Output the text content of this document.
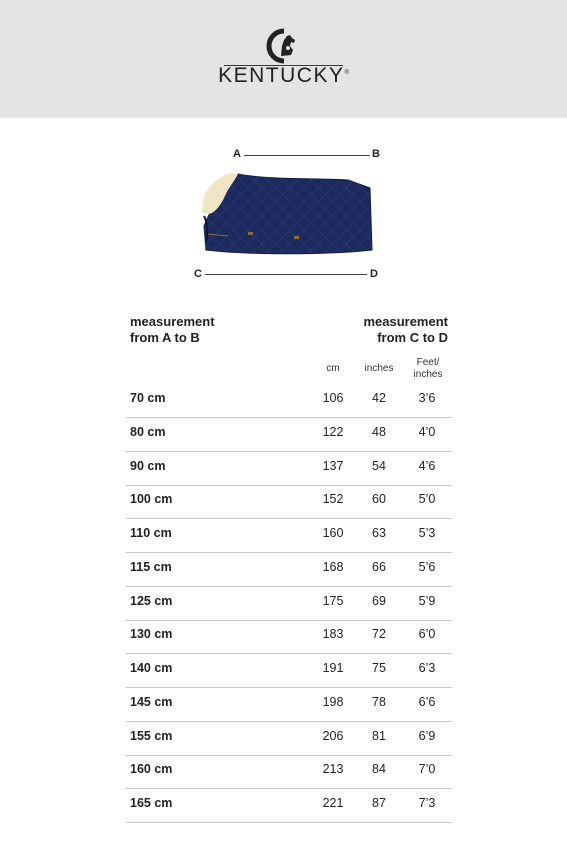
KENTUCKY®
A	B
C	D
measurement
from A to B
measurement
from C to D
cm	inches
Feet/
inches
70 cm	106	42	3’6
80 cm	122	48	4’0
90 cm	137	54	4’6
100 cm	152	60	5’0
110 cm	160	63	5’3
115 cm	168	66	5’6
125 cm	175	69	5’9
130 cm	183	72	6’0
140 cm	191	75	6’3
145 cm	198	78	6’6
155 cm	206	81	6’9
160 cm	213	84	7’0
165 cm	221	87	7’3
